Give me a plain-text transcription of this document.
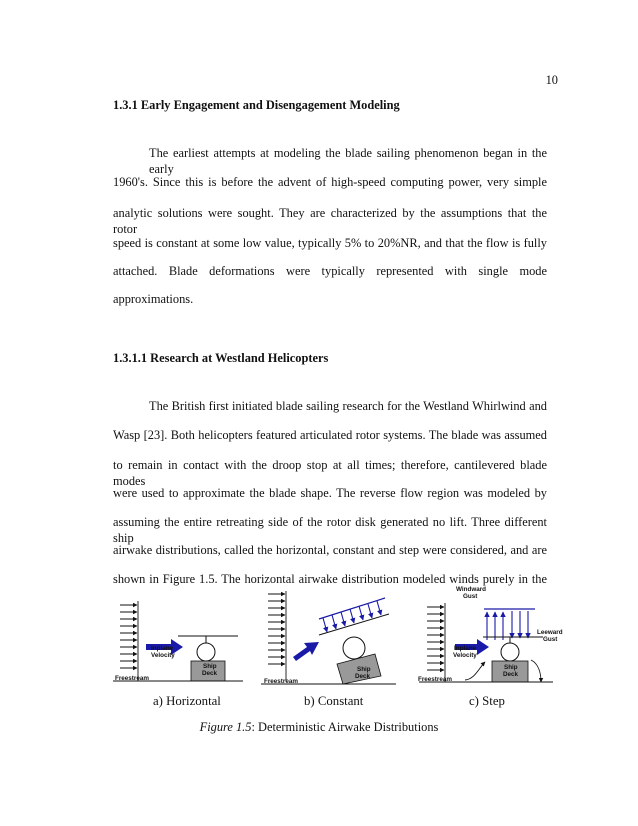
10
1.3.1 Early Engagement and Disengagement Modeling
The earliest attempts at modeling the blade sailing phenomenon began in the early
1960's. Since this is before the advent of high-speed computing power, very simple
analytic solutions were sought. They are characterized by the assumptions that the rotor
speed is constant at some low value, typically 5% to 20%NR, and that the flow is fully
attached. Blade deformations were typically represented with single mode
approximations.
1.3.1.1 Research at Westland Helicopters
The British first initiated blade sailing research for the Westland Whirlwind and
Wasp [23]. Both helicopters featured articulated rotor systems. The blade was assumed
to remain in contact with the droop stop at all times; therefore, cantilevered blade modes
were used to approximate the blade shape. The reverse flow region was modeled by
assuming the entire retreating side of the rotor disk generated no lift. Three different ship
airwake distributions, called the horizontal, constant and step were considered, and are
shown in Figure 1.5. The horizontal airwake distribution modeled winds purely in the
Inplane
Velocity
Ship
Deck
Freestream
Ship
Deck
Freestream
Windward
Gust
Leeward
Gust
Inplane
Velocity
Ship
Deck
Freestream
a) Horizontal	b) Constant	c) Step
Figure 1.5: Deterministic Airwake Distributions
